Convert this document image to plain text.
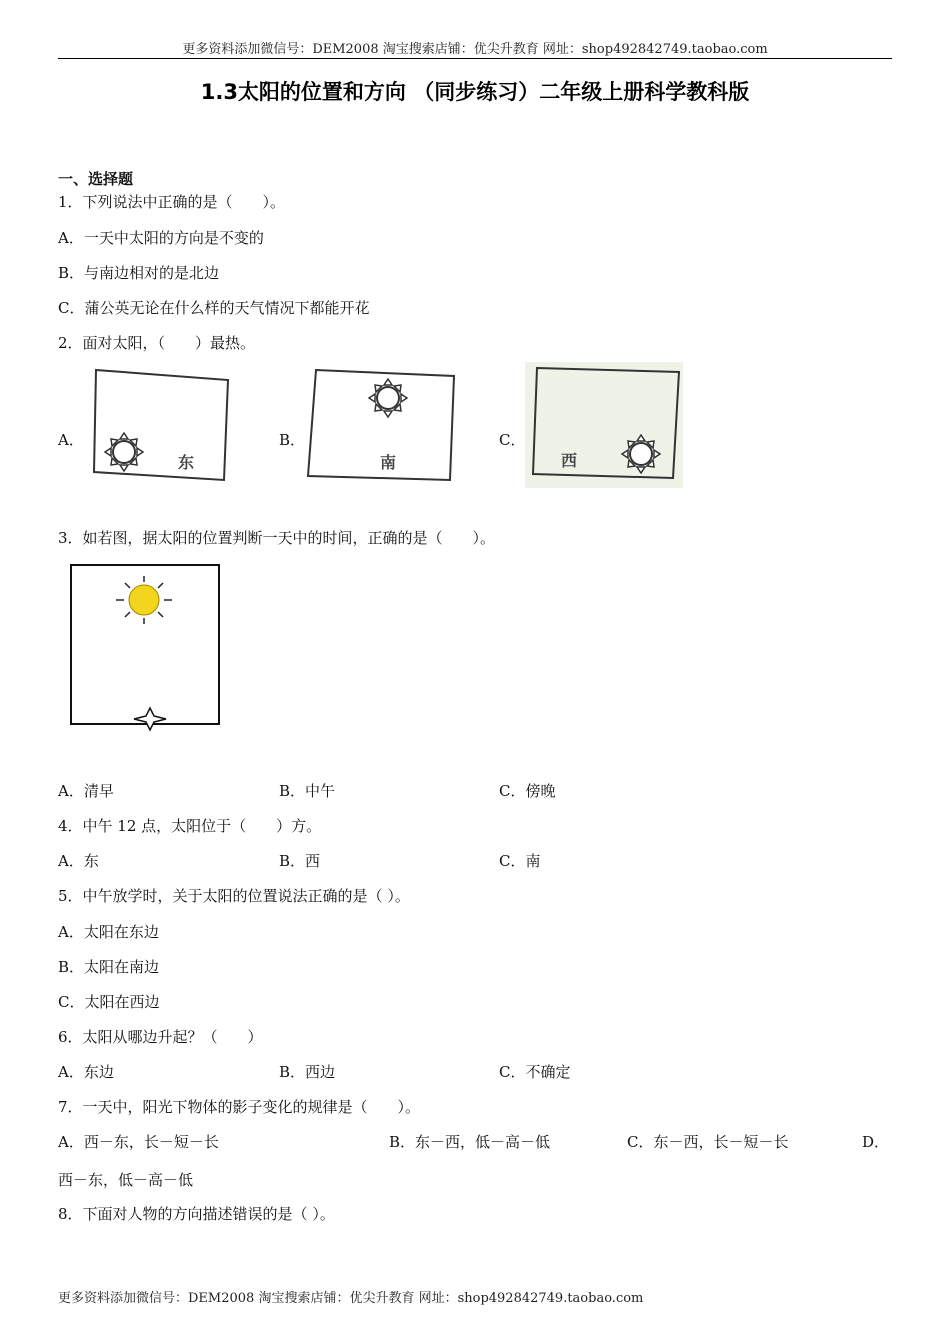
更多资料添加微信号：DEM2008 淘宝搜索店铺：优尖升教育 网址：shop492842749.taobao.com
1.3太阳的位置和方向 （同步练习）二年级上册科学教科版
一、选择题
1．下列说法中正确的是（　　）。
A．一天中太阳的方向是不变的
B．与南边相对的是北边
C．蒲公英无论在什么样的天气情况下都能开花
2．面对太阳，（　　）最热。
A．	B．	C．
东	南	西
3．如若图，据太阳的位置判断一天中的时间，正确的是（　　）。
A．清早	B．中午	C．傍晚
4．中午 12 点，太阳位于（　　）方。
A．东	B．西	C．南
5．中午放学时，关于太阳的位置说法正确的是（ ）。
A．太阳在东边
B．太阳在南边
C．太阳在西边
6．太阳从哪边升起？（　　）
A．东边	B．西边	C．不确定
7．一天中，阳光下物体的影子变化的规律是（　　）。
A．西－东，长－短－长	B．东－西，低－高－低	C．东－西，长－短－长	D．
西－东，低－高－低
8．下面对人物的方向描述错误的是（ ）。
更多资料添加微信号：DEM2008 淘宝搜索店铺：优尖升教育 网址：shop492842749.taobao.com
